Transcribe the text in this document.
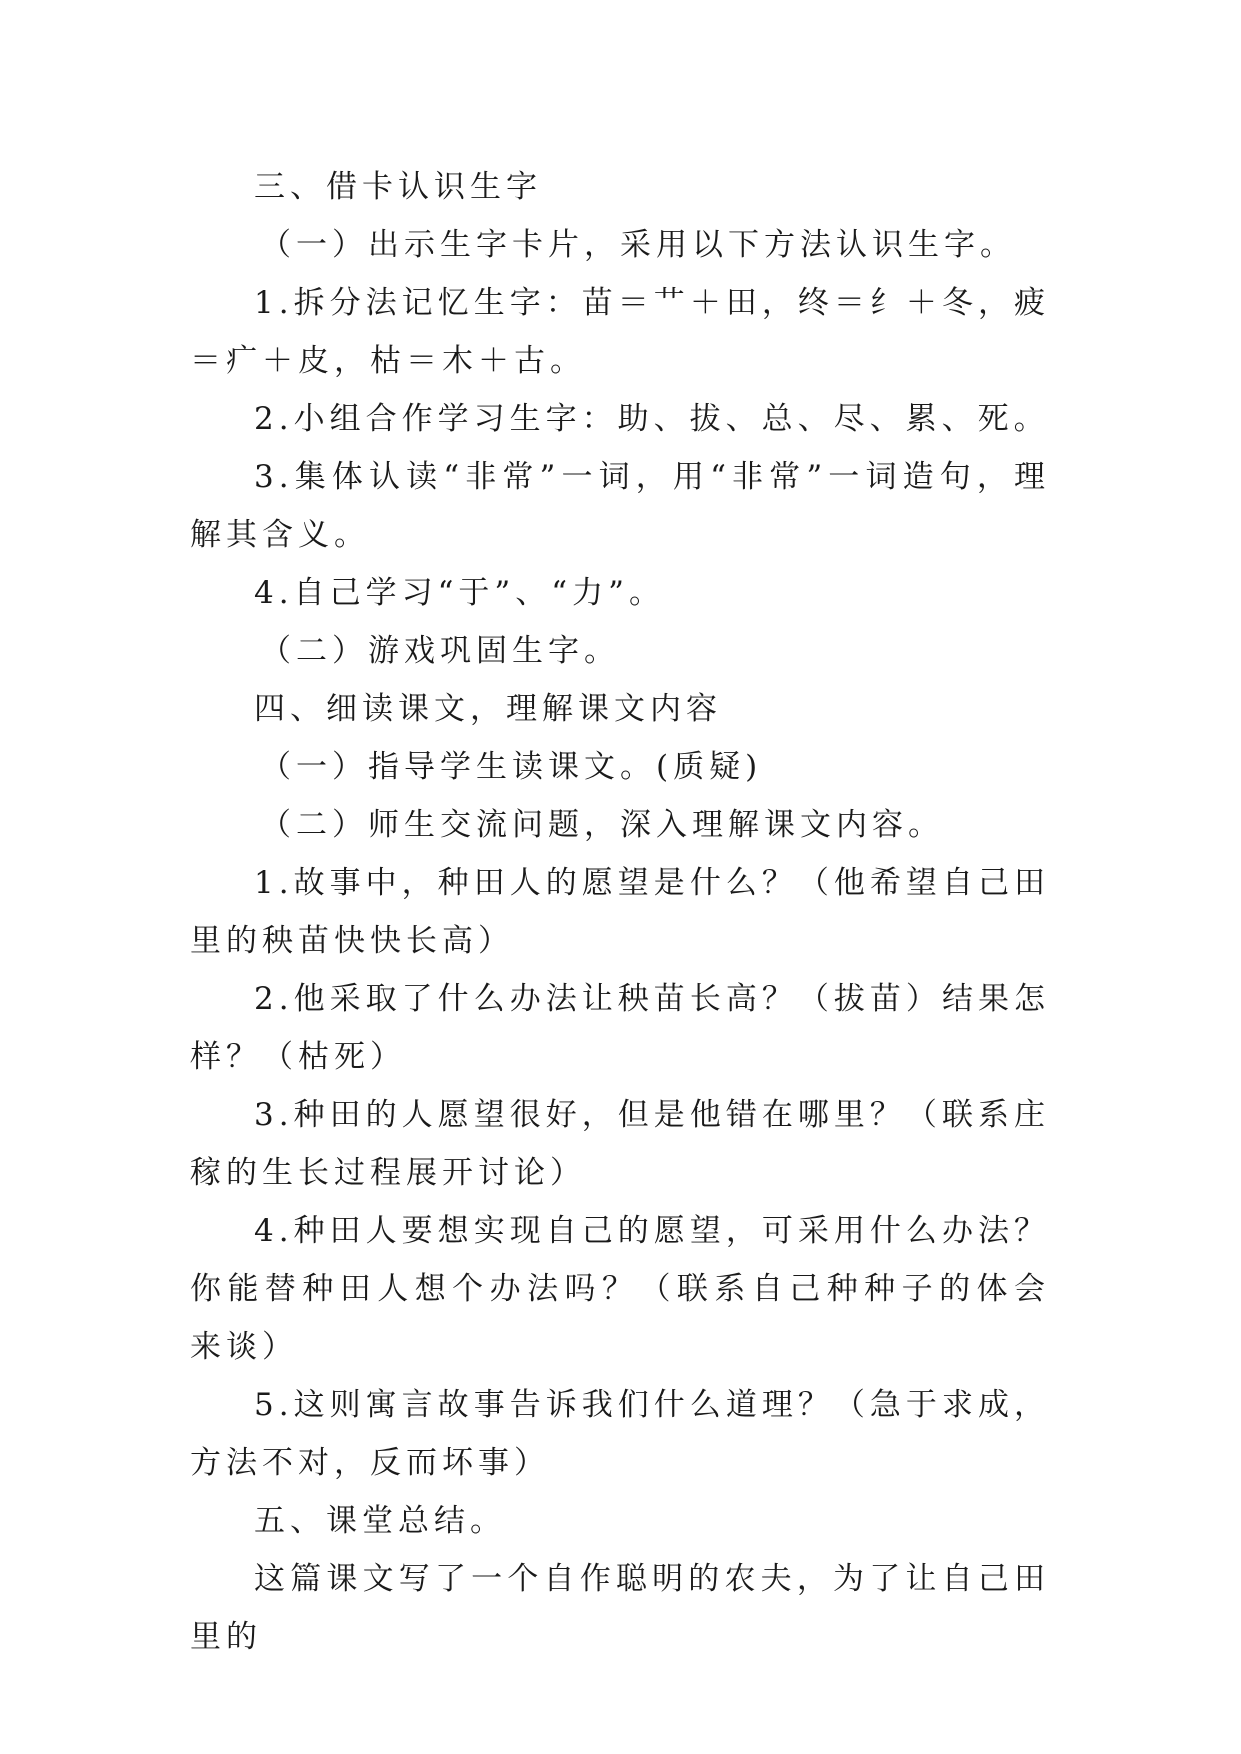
三、借卡认识生字

（一）出示生字卡片，采用以下方法认识生字。

1.拆分法记忆生字：苗＝艹＋田，终＝纟＋冬，疲＝疒＋皮，枯＝木＋古。

2.小组合作学习生字：助、拔、总、尽、累、死。

3.集体认读“非常”一词，用“非常”一词造句，理解其含义。

4.自己学习“于”、“力”。

（二）游戏巩固生字。

四、细读课文，理解课文内容

（一）指导学生读课文。(质疑)

（二）师生交流问题，深入理解课文内容。

1.故事中，种田人的愿望是什么？（他希望自己田里的秧苗快快长高）

2.他采取了什么办法让秧苗长高？（拔苗）结果怎样？（枯死）

3.种田的人愿望很好，但是他错在哪里？（联系庄稼的生长过程展开讨论）

4.种田人要想实现自己的愿望，可采用什么办法？你能替种田人想个办法吗？（联系自己种种子的体会来谈）

5.这则寓言故事告诉我们什么道理？（急于求成，方法不对，反而坏事）

五、课堂总结。

这篇课文写了一个自作聪明的农夫，为了让自己田里的
